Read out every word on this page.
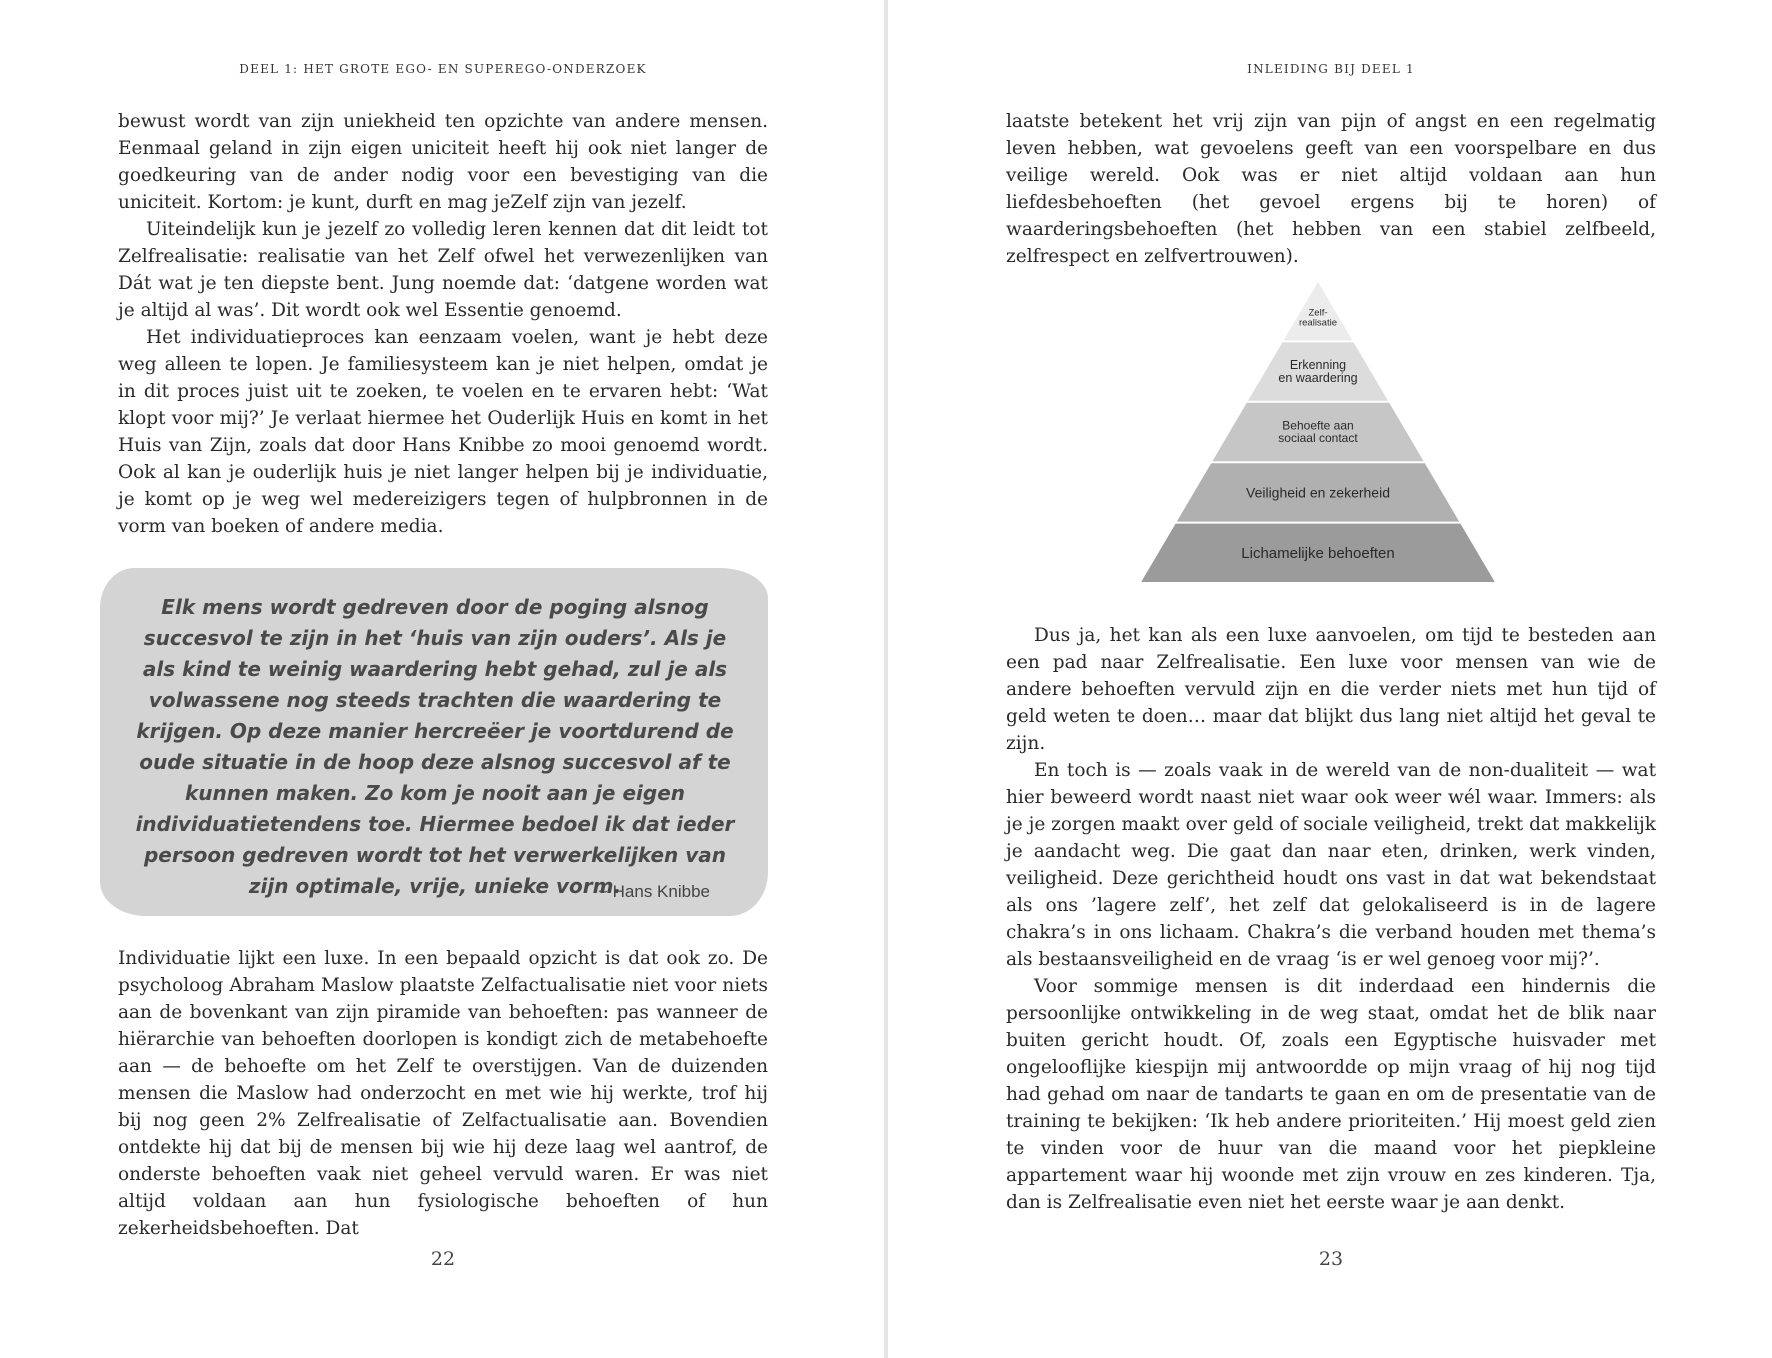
DEEL 1: HET GROTE EGO- EN SUPEREGO-ONDERZOEK

bewust wordt van zijn uniekheid ten opzichte van andere mensen. Eenmaal geland in zijn eigen uniciteit heeft hij ook niet langer de goedkeuring van de ander nodig voor een bevestiging van die uniciteit. Kortom: je kunt, durft en mag jeZelf zijn van jezelf.

Uiteindelijk kun je jezelf zo volledig leren kennen dat dit leidt tot Zelfrealisatie: realisatie van het Zelf ofwel het verwezenlijken van Dát wat je ten diepste bent. Jung noemde dat: ‘datgene worden wat je altijd al was’. Dit wordt ook wel Essentie genoemd.

Het individuatieproces kan eenzaam voelen, want je hebt deze weg alleen te lopen. Je familiesysteem kan je niet helpen, omdat je in dit proces juist uit te zoeken, te voelen en te ervaren hebt: ‘Wat klopt voor mij?’ Je verlaat hiermee het Ouderlijk Huis en komt in het Huis van Zijn, zoals dat door Hans Knibbe zo mooi genoemd wordt. Ook al kan je ouderlijk huis je niet langer helpen bij je individuatie, je komt op je weg wel medereizigers tegen of hulpbronnen in de vorm van boeken of andere media.

Elk mens wordt gedreven door de poging alsnog succesvol te zijn in het ‘huis van zijn ouders’. Als je als kind te weinig waardering hebt gehad, zul je als volwassene nog steeds trachten die waardering te krijgen. Op deze manier hercreëer je voortdurend de oude situatie in de hoop deze alsnog succesvol af te kunnen maken. Zo kom je nooit aan je eigen individuatietendens toe. Hiermee bedoel ik dat ieder persoon gedreven wordt tot het verwerkelijken van zijn optimale, vrije, unieke vorm.
~ Hans Knibbe

Individuatie lijkt een luxe. In een bepaald opzicht is dat ook zo. De psycholoog Abraham Maslow plaatste Zelfactualisatie niet voor niets aan de bovenkant van zijn piramide van behoeften: pas wanneer de hiërarchie van behoeften doorlopen is kondigt zich de metabehoefte aan — de behoefte om het Zelf te overstijgen. Van de duizenden mensen die Maslow had onderzocht en met wie hij werkte, trof hij bij nog geen 2% Zelfrealisatie of Zelfactualisatie aan. Bovendien ontdekte hij dat bij de mensen bij wie hij deze laag wel aantrof, de onderste behoeften vaak niet geheel vervuld waren. Er was niet altijd voldaan aan hun fysiologische behoeften of hun zekerheidsbehoeften. Dat

22
INLEIDING BIJ DEEL 1

laatste betekent het vrij zijn van pijn of angst en een regelmatig leven hebben, wat gevoelens geeft van een voorspelbare en dus veilige wereld. Ook was er niet altijd voldaan aan hun liefdesbehoeften (het gevoel ergens bij te horen) of waarderingsbehoeften (het hebben van een stabiel zelfbeeld, zelfrespect en zelfvertrouwen).

Zelf-
realisatie
Erkenning
en waardering
Behoefte aan
sociaal contact
Veiligheid en zekerheid
Lichamelijke behoeften

Dus ja, het kan als een luxe aanvoelen, om tijd te besteden aan een pad naar Zelfrealisatie. Een luxe voor mensen van wie de andere behoeften vervuld zijn en die verder niets met hun tijd of geld weten te doen… maar dat blijkt dus lang niet altijd het geval te zijn.

En toch is — zoals vaak in de wereld van de non-dualiteit — wat hier beweerd wordt naast niet waar ook weer wél waar. Immers: als je je zorgen maakt over geld of sociale veiligheid, trekt dat makkelijk je aandacht weg. Die gaat dan naar eten, drinken, werk vinden, veiligheid. Deze gerichtheid houdt ons vast in dat wat bekendstaat als ons ’lagere zelf’, het zelf dat gelokaliseerd is in de lagere chakra’s in ons lichaam. Chakra’s die verband houden met thema’s als bestaansveiligheid en de vraag ‘is er wel genoeg voor mij?’.

Voor sommige mensen is dit inderdaad een hindernis die persoonlijke ontwikkeling in de weg staat, omdat het de blik naar buiten gericht houdt. Of, zoals een Egyptische huisvader met ongelooflijke kiespijn mij antwoordde op mijn vraag of hij nog tijd had gehad om naar de tandarts te gaan en om de presentatie van de training te bekijken: ‘Ik heb andere prioriteiten.’ Hij moest geld zien te vinden voor de huur van die maand voor het piepkleine appartement waar hij woonde met zijn vrouw en zes kinderen. Tja, dan is Zelfrealisatie even niet het eerste waar je aan denkt.

23
